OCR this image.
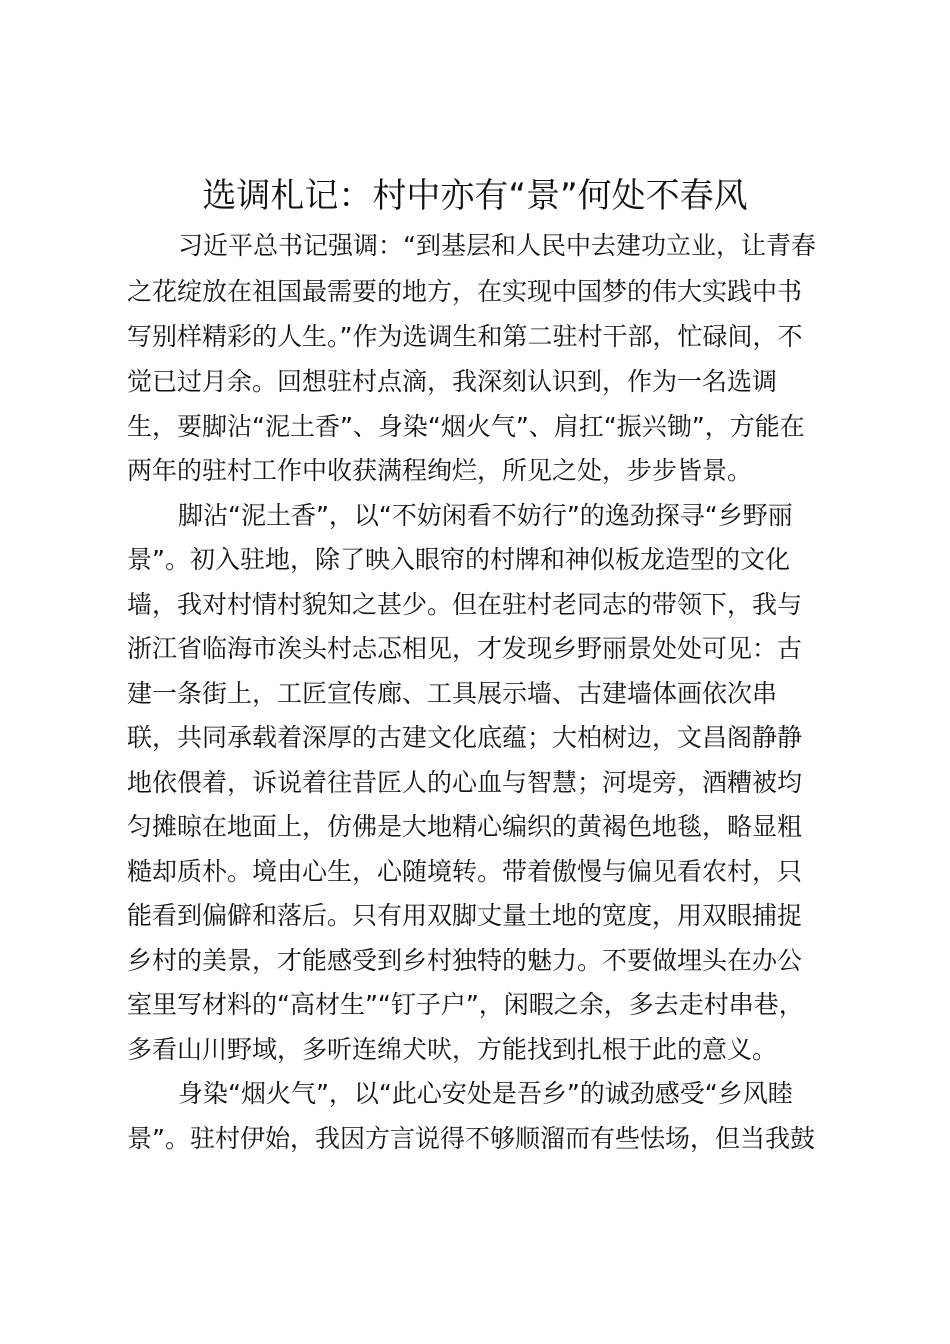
选调札记：村中亦有“景”何处不春风

习近平总书记强调：“到基层和人民中去建功立业，让青春

之花绽放在祖国最需要的地方，在实现中国梦的伟大实践中书

写别样精彩的人生。”作为选调生和第二驻村干部，忙碌间，不

觉已过月余。回想驻村点滴，我深刻认识到，作为一名选调

生，要脚沾“泥土香”、身染“烟火气”、肩扛“振兴锄”，方能在

两年的驻村工作中收获满程绚烂，所见之处，步步皆景。

脚沾“泥土香”，以“不妨闲看不妨行”的逸劲探寻“乡野丽

景”。初入驻地，除了映入眼帘的村牌和神似板龙造型的文化

墙，我对村情村貌知之甚少。但在驻村老同志的带领下，我与

浙江省临海市涘头村忐忑相见，才发现乡野丽景处处可见：古

建一条街上，工匠宣传廊、工具展示墙、古建墙体画依次串

联，共同承载着深厚的古建文化底蕴；大柏树边，文昌阁静静

地依偎着，诉说着往昔匠人的心血与智慧；河堤旁，酒糟被均

匀摊晾在地面上，仿佛是大地精心编织的黄褐色地毯，略显粗

糙却质朴。境由心生，心随境转。带着傲慢与偏见看农村，只

能看到偏僻和落后。只有用双脚丈量土地的宽度，用双眼捕捉

乡村的美景，才能感受到乡村独特的魅力。不要做埋头在办公

室里写材料的“高材生”“钉子户”，闲暇之余，多去走村串巷，

多看山川野域，多听连绵犬吠，方能找到扎根于此的意义。

身染“烟火气”，以“此心安处是吾乡”的诚劲感受“乡风睦

景”。驻村伊始，我因方言说得不够顺溜而有些怯场，但当我鼓
